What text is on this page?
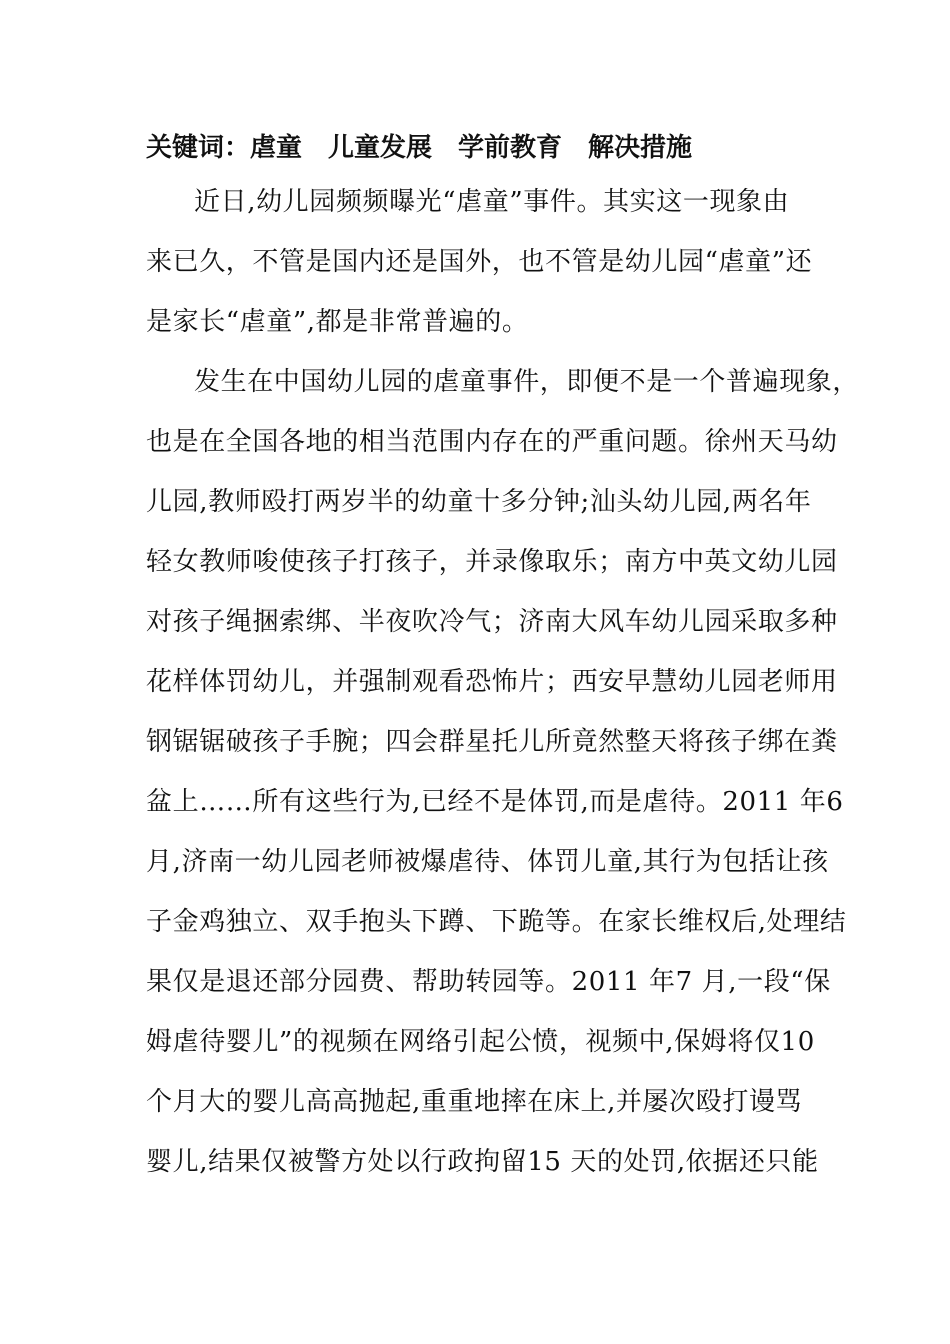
关键词：虐童　儿童发展　学前教育　解决措施
近日,幼儿园频频曝光“虐童”事件。其实这一现象由
来已久，不管是国内还是国外，也不管是幼儿园“虐童”还
是家长“虐童”,都是非常普遍的。
发生在中国幼儿园的虐童事件，即便不是一个普遍现象，
也是在全国各地的相当范围内存在的严重问题。徐州天马幼
儿园,教师殴打两岁半的幼童十多分钟;汕头幼儿园,两名年
轻女教师唆使孩子打孩子，并录像取乐；南方中英文幼儿园
对孩子绳捆索绑、半夜吹冷气；济南大风车幼儿园采取多种
花样体罚幼儿，并强制观看恐怖片；西安早慧幼儿园老师用
钢锯锯破孩子手腕；四会群星托儿所竟然整天将孩子绑在粪
盆上……所有这些行为,已经不是体罚,而是虐待。2011 年6
月,济南一幼儿园老师被爆虐待、体罚儿童,其行为包括让孩
子金鸡独立、双手抱头下蹲、下跪等。在家长维权后,处理结
果仅是退还部分园费、帮助转园等。2011 年7 月,一段“保
姆虐待婴儿”的视频在网络引起公愤，视频中,保姆将仅10
个月大的婴儿高高抛起,重重地摔在床上,并屡次殴打谩骂
婴儿,结果仅被警方处以行政拘留15 天的处罚,依据还只能
